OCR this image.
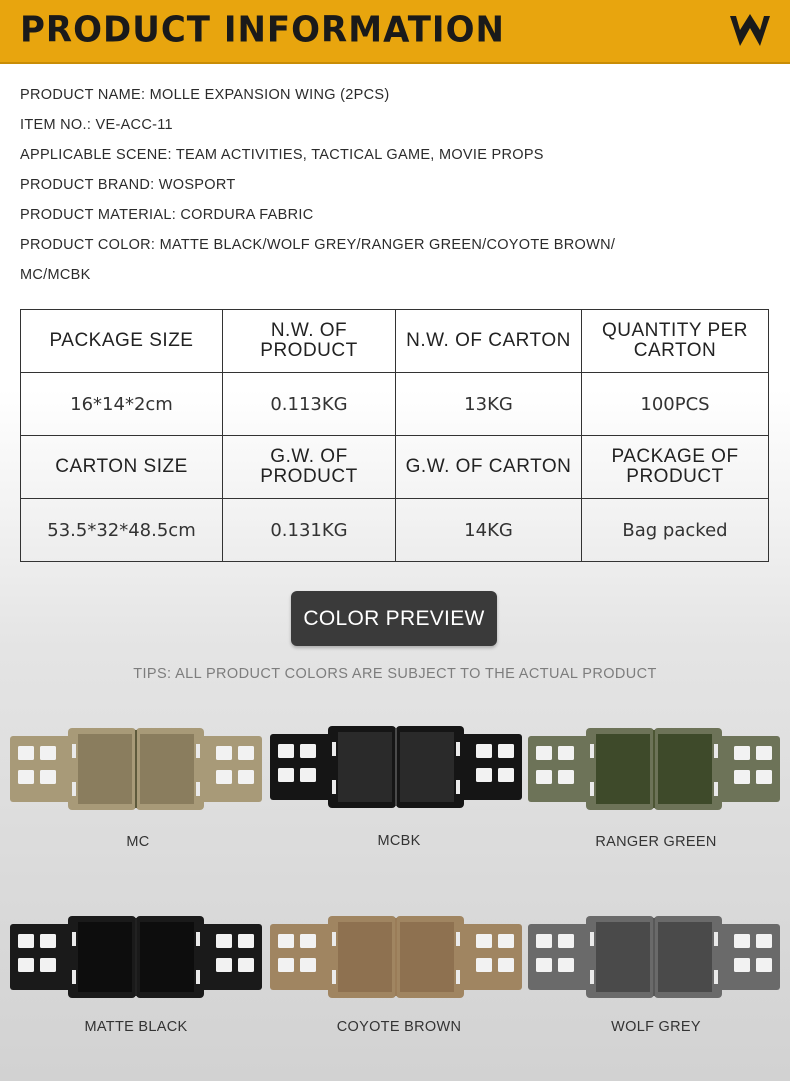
PRODUCT INFORMATION
PRODUCT NAME: MOLLE EXPANSION WING (2PCS)
ITEM NO.: VE-ACC-11
APPLICABLE SCENE: TEAM ACTIVITIES, TACTICAL GAME, MOVIE PROPS
PRODUCT BRAND: WOSPORT
PRODUCT MATERIAL: CORDURA FABRIC
PRODUCT COLOR: MATTE BLACK/WOLF GREY/RANGER GREEN/COYOTE BROWN/
MC/MCBK
PACKAGE SIZE	N.W. OF PRODUCT	N.W. OF CARTON	QUANTITY PER CARTON
16*14*2cm	0.113KG	13KG	100PCS
CARTON SIZE	G.W. OF PRODUCT	G.W. OF CARTON	PACKAGE OF PRODUCT
53.5*32*48.5cm	0.131KG	14KG	Bag packed
COLOR PREVIEW
TIPS: ALL PRODUCT COLORS ARE SUBJECT TO THE ACTUAL PRODUCT
MC	MCBK	RANGER GREEN
MATTE BLACK	COYOTE BROWN	WOLF GREY
